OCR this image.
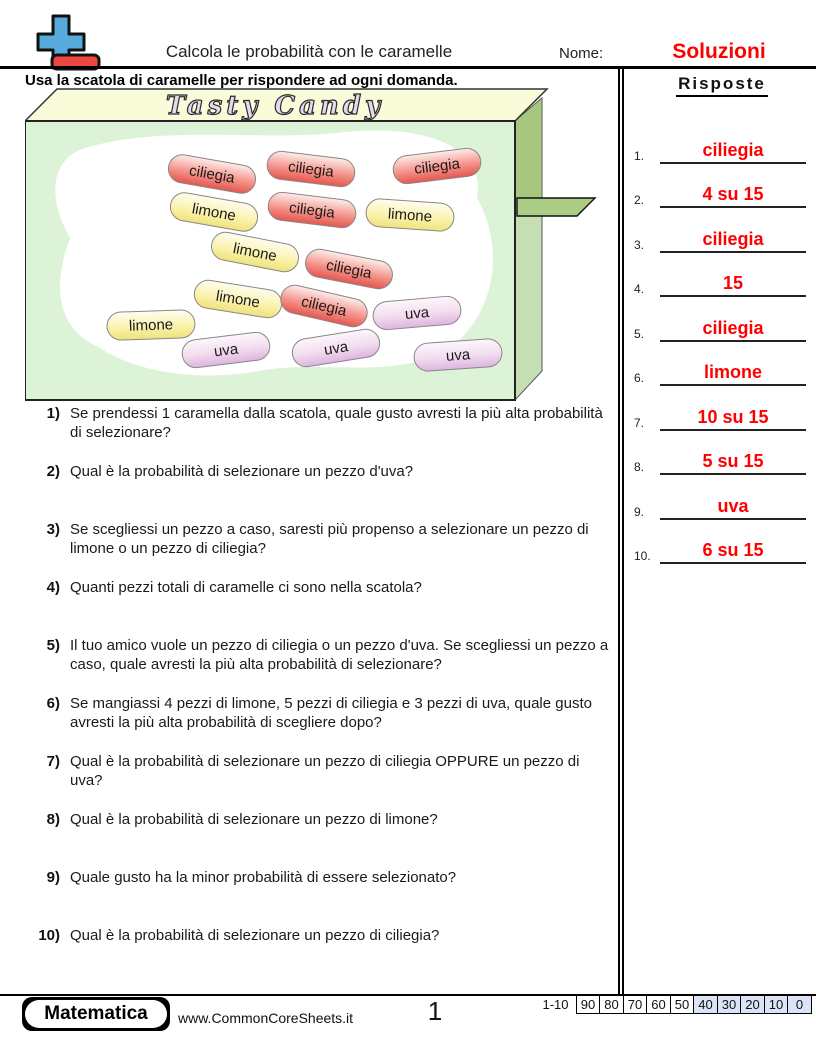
Calcola le probabilità con le caramelle	Nome:	Soluzioni
Usa la scatola di caramelle per rispondere ad ogni domanda.
Tasty Candy
ciliegia	ciliegia	ciliegia
limone	ciliegia	limone
limone
ciliegia
limone	ciliegia	uva
limone
uva	uva	uva
1) Se prendessi 1 caramella dalla scatola, quale gusto avresti la più alta probabilità di selezionare?
2) Qual è la probabilità di selezionare un pezzo d'uva?
3) Se scegliessi un pezzo a caso, saresti più propenso a selezionare un pezzo di limone o un pezzo di ciliegia?
4) Quanti pezzi totali di caramelle ci sono nella scatola?
5) Il tuo amico vuole un pezzo di ciliegia o un pezzo d'uva. Se scegliessi un pezzo a caso, quale avresti la più alta probabilità di selezionare?
6) Se mangiassi 4 pezzi di limone, 5 pezzi di ciliegia e 3 pezzi di uva, quale gusto avresti la più alta probabilità di scegliere dopo?
7) Qual è la probabilità di selezionare un pezzo di ciliegia OPPURE un pezzo di uva?
8) Qual è la probabilità di selezionare un pezzo di limone?
9) Quale gusto ha la minor probabilità di essere selezionato?
10) Qual è la probabilità di selezionare un pezzo di ciliegia?
Risposte
1.	ciliegia
2.	4 su 15
3.	ciliegia
4.	15
5.	ciliegia
6.	limone
7.	10 su 15
8.	5 su 15
9.	uva
10.	6 su 15
Matematica	www.CommonCoreSheets.it	1	1-10 90 80 70 60 50 40 30 20 10 0
